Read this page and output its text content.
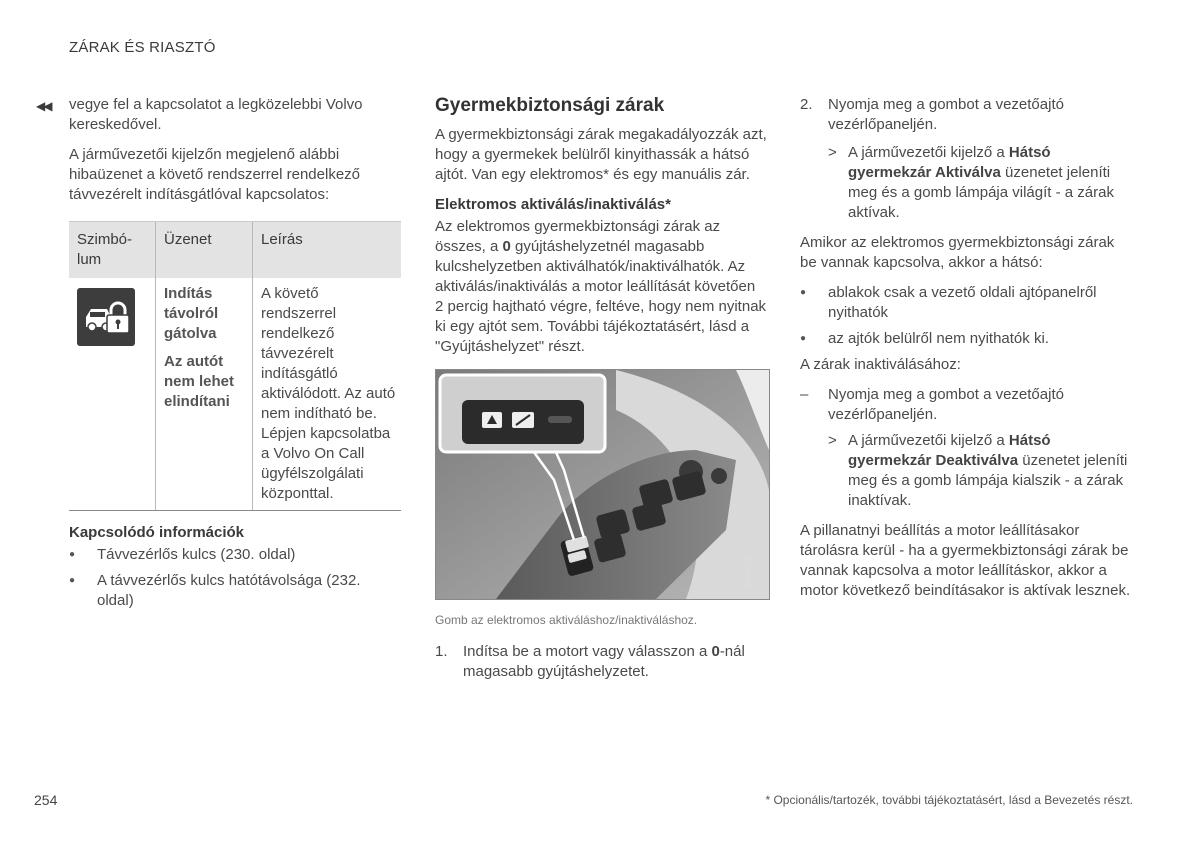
ZÁRAK ÉS RIASZTÓ
◀◀ vegye fel a kapcsolatot a legközelebbi Volvo kereskedővel.

A járművezetői kijelzőn megjelenő alábbi hibaüzenet a követő rendszerrel rendelkező távvezérelt indításgátlóval kapcsolatos:

Szimbó-lum	Üzenet	Leírás

Indítás távolról gátolva
Az autót nem lehet elindítani	A követő rendszerrel rendelkező távvezérelt indításgátló aktiválódott. Az autó nem indítható be. Lépjen kapcsolatba a Volvo On Call ügyfélszolgálati központtal.
Kapcsolódó információk
● Távvezérlős kulcs (230. oldal)
● A távvezérlős kulcs hatótávolsága (232. oldal)
Gyermekbiztonsági zárak

A gyermekbiztonsági zárak megakadályozzák azt, hogy a gyermekek belülről kinyithassák a hátsó ajtót. Van egy elektromos* és egy manuális zár.

Elektromos aktiválás/inaktiválás*

Az elektromos gyermekbiztonsági zárak az összes, a 0 gyújtáshelyzetnél magasabb kulcshelyzetben aktiválhatók/inaktiválhatók. Az aktiválás/inaktiválás a motor leállítását követően 2 percig hajtható végre, feltéve, hogy nem nyitnak ki egy ajtót sem. További tájékoztatásért, lásd a "Gyújtáshelyzet" részt.

G063514
Gomb az elektromos aktiváláshoz/inaktiváláshoz.
1. Indítsa be a motort vagy válasszon a 0-nál magasabb gyújtáshelyzetet.
2. Nyomja meg a gombot a vezetőajtó vezérlőpaneljén.
> A járművezetői kijelző a Hátsó gyermekzár Aktiválva üzenetet jeleníti meg és a gomb lámpája világít - a zárak aktívak.

Amikor az elektromos gyermekbiztonsági zárak be vannak kapcsolva, akkor a hátsó:

● ablakok csak a vezető oldali ajtópanelről nyithatók
● az ajtók belülről nem nyithatók ki.

A zárak inaktiválásához:

– Nyomja meg a gombot a vezetőajtó vezérlőpaneljén.
> A járművezetői kijelző a Hátsó gyermekzár Deaktiválva üzenetet jeleníti meg és a gomb lámpája kialszik - a zárak inaktívak.

A pillanatnyi beállítás a motor leállításakor tárolásra kerül - ha a gyermekbiztonsági zárak be vannak kapcsolva a motor leállításkor, akkor a motor következő beindításakor is aktívak lesznek.

254	* Opcionális/tartozék, további tájékoztatásért, lásd a Bevezetés részt.
